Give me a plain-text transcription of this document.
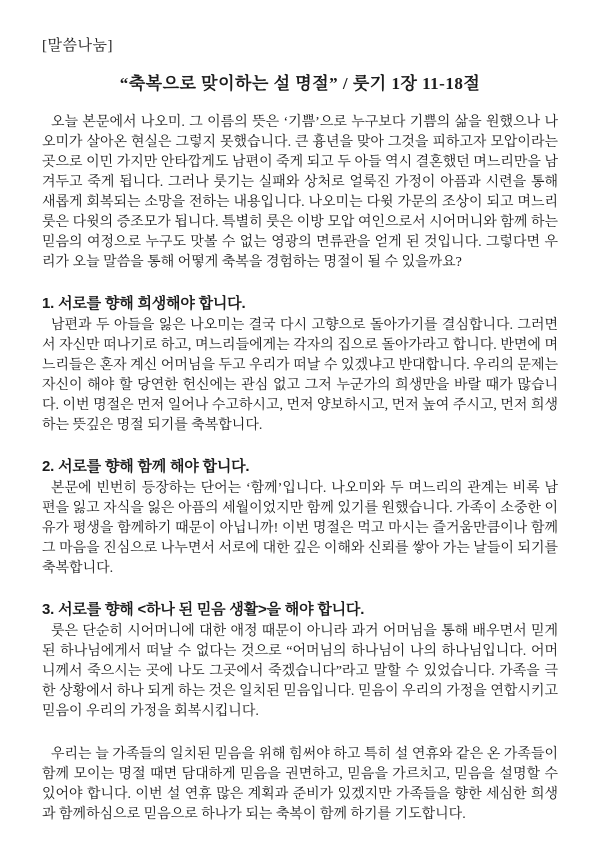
[말씀나눔]
“축복으로 맞이하는 설 명절” / 룻기 1장 11-18절

오늘 본문에서 나오미. 그 이름의 뜻은 ‘기쁨’으로 누구보다 기쁨의 삶을 원했으나 나오미가 살아온 현실은 그렇지 못했습니다. 큰 흉년을 맞아 그것을 피하고자 모압이라는 곳으로 이민 가지만 안타깝게도 남편이 죽게 되고 두 아들 역시 결혼했던 며느리만을 남겨두고 죽게 됩니다. 그러나 룻기는 실패와 상처로 얼룩진 가정이 아픔과 시련을 통해 새롭게 회복되는 소망을 전하는 내용입니다. 나오미는 다윗 가문의 조상이 되고 며느리 룻은 다윗의 증조모가 됩니다. 특별히 룻은 이방 모압 여인으로서 시어머니와 함께 하는 믿음의 여정으로 누구도 맛볼 수 없는 영광의 면류관을 얻게 된 것입니다. 그렇다면 우리가 오늘 말씀을 통해 어떻게 축복을 경험하는 명절이 될 수 있을까요?

1. 서로를 향해 희생해야 합니다.

남편과 두 아들을 잃은 나오미는 결국 다시 고향으로 돌아가기를 결심합니다. 그러면서 자신만 떠나기로 하고, 며느리들에게는 각자의 집으로 돌아가라고 합니다. 반면에 며느리들은 혼자 계신 어머님을 두고 우리가 떠날 수 있겠냐고 반대합니다. 우리의 문제는 자신이 해야 할 당연한 헌신에는 관심 없고 그저 누군가의 희생만을 바랄 때가 많습니다. 이번 명절은 먼저 일어나 수고하시고, 먼저 양보하시고, 먼저 높여 주시고, 먼저 희생하는 뜻깊은 명절 되기를 축복합니다.

2. 서로를 향해 함께 해야 합니다.

본문에 빈번히 등장하는 단어는 ‘함께’입니다. 나오미와 두 며느리의 관계는 비록 남편을 잃고 자식을 잃은 아픔의 세월이었지만 함께 있기를 원했습니다. 가족이 소중한 이유가 평생을 함께하기 때문이 아닙니까! 이번 명절은 먹고 마시는 즐거움만큼이나 함께 그 마음을 진심으로 나누면서 서로에 대한 깊은 이해와 신뢰를 쌓아 가는 날들이 되기를 축복합니다.

3. 서로를 향해 <하나 된 믿음 생활>을 해야 합니다.

룻은 단순히 시어머니에 대한 애정 때문이 아니라 과거 어머님을 통해 배우면서 믿게 된 하나님에게서 떠날 수 없다는 것으로 “어머님의 하나님이 나의 하나님입니다. 어머니께서 죽으시는 곳에 나도 그곳에서 죽겠습니다”라고 말할 수 있었습니다. 가족을 극한 상황에서 하나 되게 하는 것은 일치된 믿음입니다. 믿음이 우리의 가정을 연합시키고 믿음이 우리의 가정을 회복시킵니다.

우리는 늘 가족들의 일치된 믿음을 위해 힘써야 하고 특히 설 연휴와 같은 온 가족들이 함께 모이는 명절 때면 담대하게 믿음을 권면하고, 믿음을 가르치고, 믿음을 설명할 수 있어야 합니다. 이번 설 연휴 많은 계획과 준비가 있겠지만 가족들을 향한 세심한 희생과 함께하심으로 믿음으로 하나가 되는 축복이 함께 하기를 기도합니다.
